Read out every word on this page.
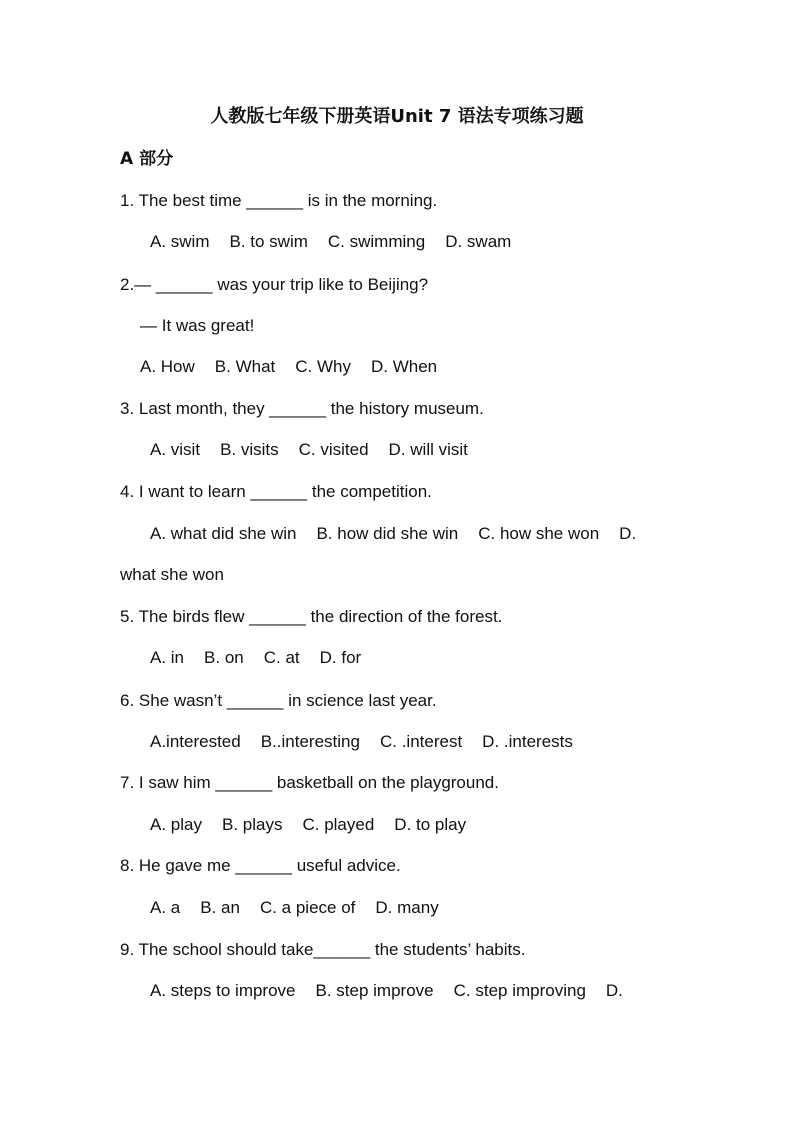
人教版七年级下册英语Unit 7 语法专项练习题
A 部分
1. The best time ______ is in the morning.
A. swim B. to swim C. swimming D. swam
2.— ______ was your trip like to Beijing?
— It was great!
A. How B. What C. Why D. When
3. Last month, they ______ the history museum.
A. visit B. visits C. visited D. will visit
4. I want to learn ______ the competition.
A. what did she win B. how did she win C. how she won D.
what she won
5. The birds flew ______ the direction of the forest.
A. in B. on C. at D. for
6. She wasn’t ______ in science last year.
A.interested B..interesting C. .interest D. .interests
7. I saw him ______ basketball on the playground.
A. play B. plays C. played D. to play
8. He gave me ______ useful advice.
A. a B. an C. a piece of D. many
9. The school should take______ the students’ habits.
A. steps to improve B. step improve C. step improving D.
